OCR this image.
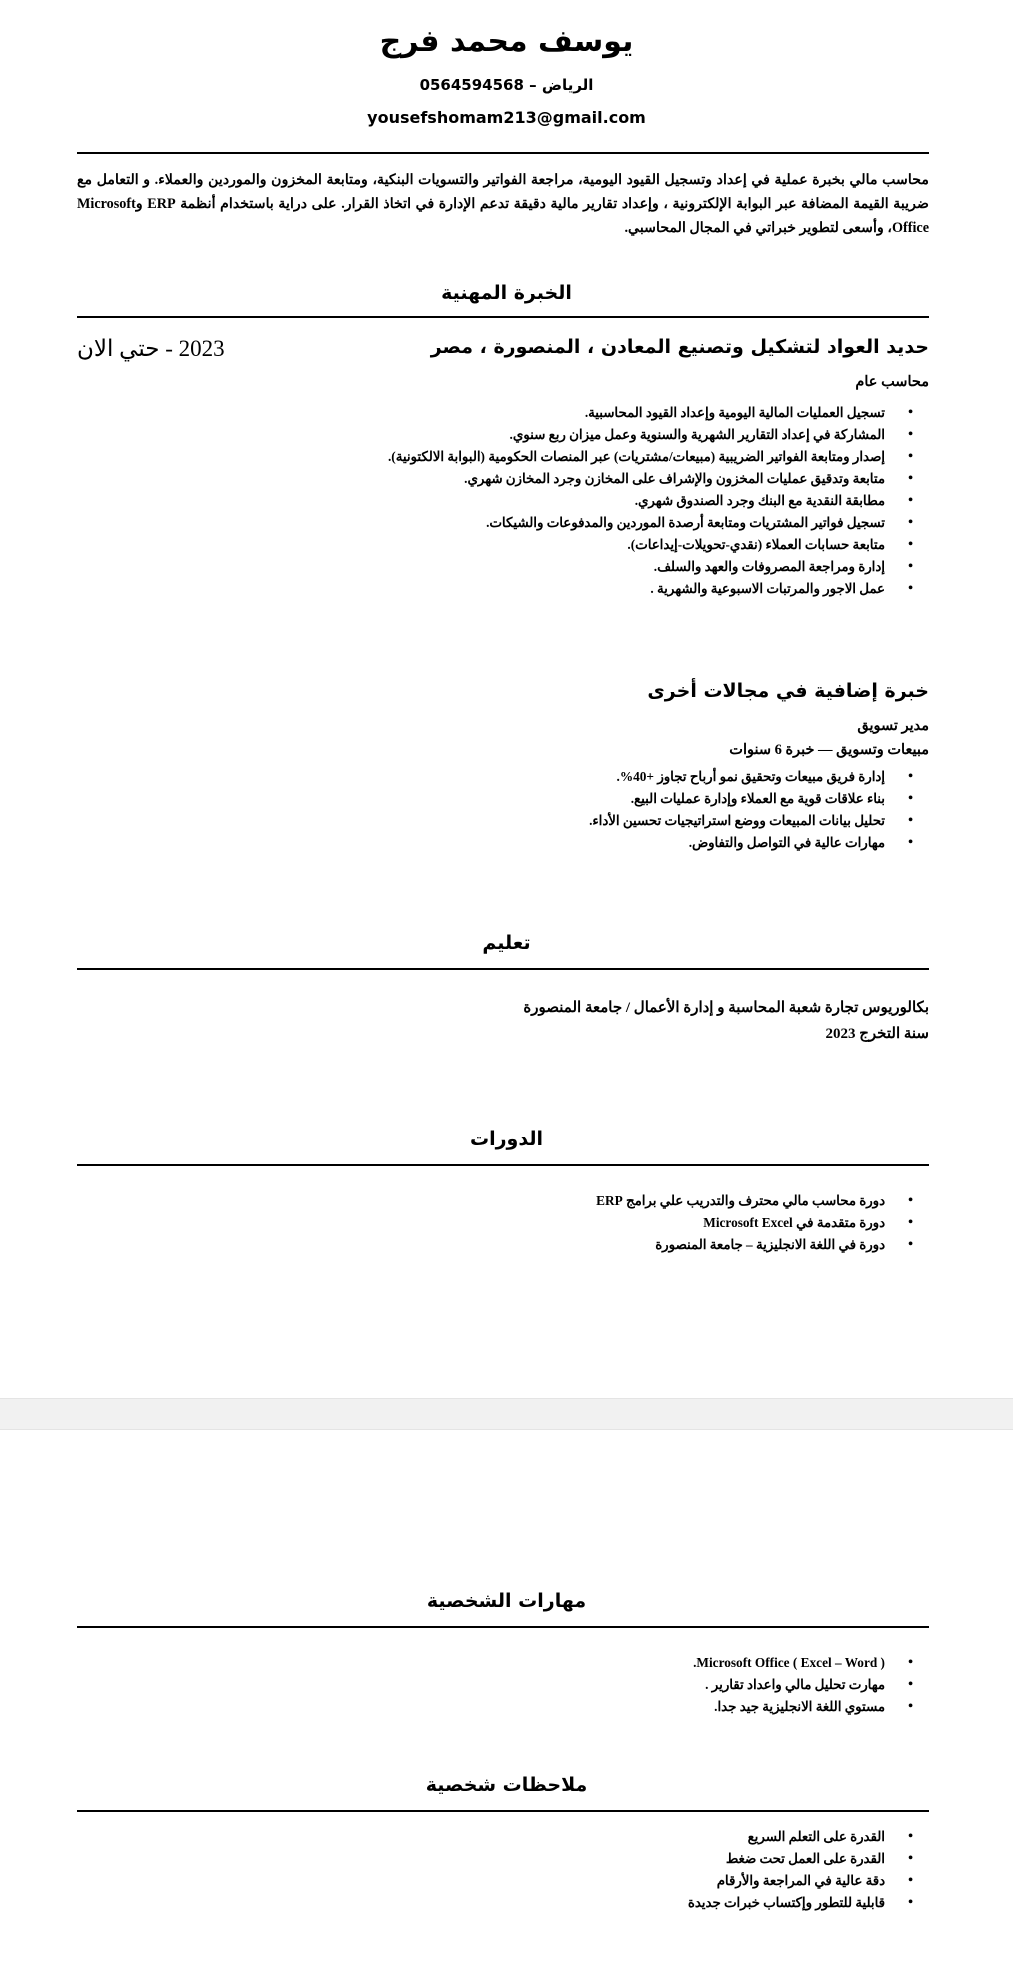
يوسف محمد فرج
الرياض – 0564594568
yousefshomam213@gmail.com
محاسب مالي بخبرة عملية في إعداد وتسجيل القيود اليومية، مراجعة الفواتير والتسويات البنكية، ومتابعة المخزون والموردين والعملاء. و التعامل مع ضريبة القيمة المضافة عبر البوابة الإلكترونية ، وإعداد تقارير مالية دقيقة تدعم الإدارة في اتخاذ القرار. على دراية باستخدام أنظمة ERP وMicrosoft Office، وأسعى لتطوير خبراتي في المجال المحاسبي.
الخبرة المهنية
حديد العواد لتشكيل وتصنيع المعادن ، المنصورة ، مصر
2023 - حتي الان
محاسب عام
• تسجيل العمليات المالية اليومية وإعداد القيود المحاسبية.
• المشاركة في إعداد التقارير الشهرية والسنوية وعمل ميزان ربع سنوي.
• إصدار ومتابعة الفواتير الضريبية (مبيعات/مشتريات) عبر المنصات الحكومية (البوابة الالكتونية).
• متابعة وتدقيق عمليات المخزون والإشراف على المخازن وجرد المخازن شهري.
• مطابقة النقدية مع البنك وجرد الصندوق شهري.
• تسجيل فواتير المشتريات ومتابعة أرصدة الموردين والمدفوعات والشيكات.
• متابعة حسابات العملاء (نقدي-تحويلات-إيداعات).
• إدارة ومراجعة المصروفات والعهد والسلف.
• عمل الاجور والمرتبات الاسبوعية والشهرية .
خبرة إضافية في مجالات أخرى
مدير تسويق
مبيعات وتسويق — خبرة 6 سنوات
• إدارة فريق مبيعات وتحقيق نمو أرباح تجاوز +40%.
• بناء علاقات قوية مع العملاء وإدارة عمليات البيع.
• تحليل بيانات المبيعات ووضع استراتيجيات تحسين الأداء.
• مهارات عالية في التواصل والتفاوض.
تعليم
بكالوريوس تجارة شعبة المحاسبة و إدارة الأعمال / جامعة المنصورة
سنة التخرج 2023
الدورات
• دورة محاسب مالي محترف والتدريب علي برامج ERP
• دورة متقدمة في Microsoft Excel
• دورة في اللغة الانجليزية – جامعة المنصورة
مهارات الشخصية
• Microsoft Office ( Excel – Word ).
• مهارت تحليل مالي واعداد تقارير .
• مستوي اللغة الانجليزية جيد جدا.
ملاحظات شخصية
• القدرة على التعلم السريع
• القدرة على العمل تحت ضغط
• دقة عالية في المراجعة والأرقام
• قابلية للتطور وإكتساب خبرات جديدة
